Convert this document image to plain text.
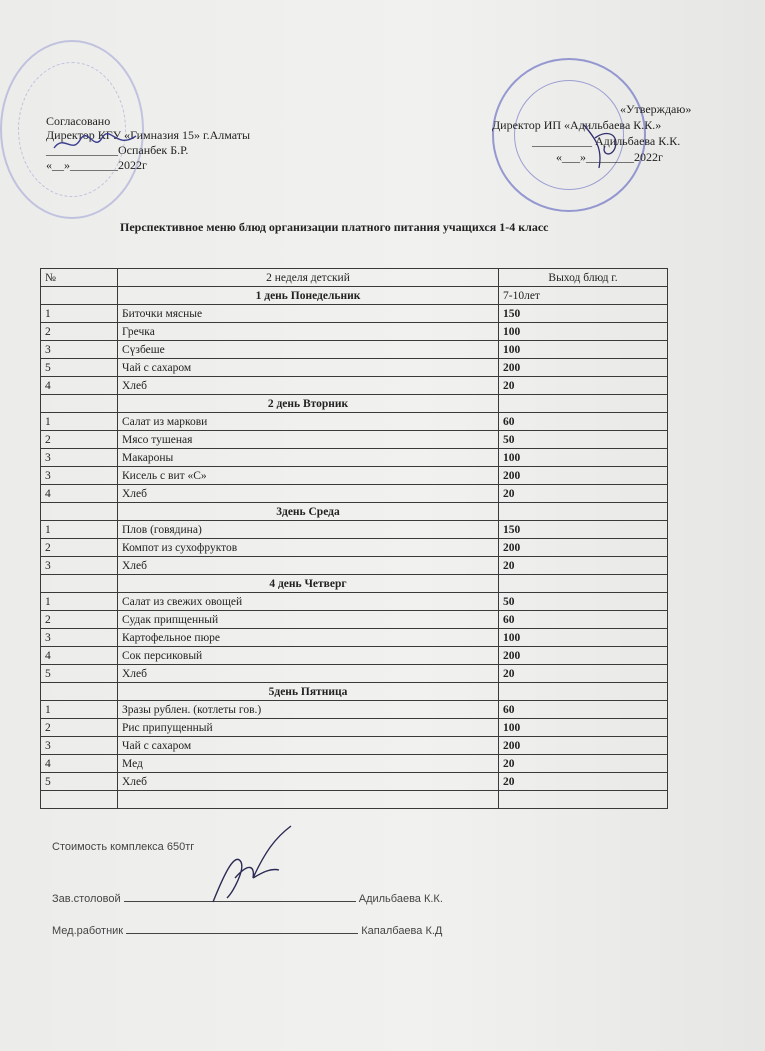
Согласовано
Директор КГУ «Гимназия 15» г.Алматы
____________Оспанбек Б.Р.
«__»________2022г
«Утверждаю»
Директор ИП «Адильбаева К.К.»
__________ Адильбаева К.К.
«___»________2022г
Перспективное меню блюд организации платного питания учащихся 1-4 класс
№	2 неделя детский	Выход блюд г.
	1 день Понедельник	7-10лет
1	Биточки мясные	150
2	Гречка	100
3	Сүзбеше	100
5	Чай с сахаром	200
4	Хлеб	20
	2 день Вторник	
1	Салат из маркови	60
2	Мясо тушеная	50
3	Макароны	100
3	Кисель с вит «С»	200
4	Хлеб	20
	3день Среда	
1	Плов (говядина)	150
2	Компот из сухофруктов	200
3	Хлеб	20
	4 день Четверг	
1	Салат из свежих овощей	50
2	Судак припщенный	60
3	Картофельное пюре	100
4	Сок персиковый	200
5	Хлеб	20
	5день Пятница	
1	Зразы рублен. (котлеты гов.)	60
2	Рис припущенный	100
3	Чай с сахаром	200
4	Мед	20
5	Хлеб	20

Стоимость комплекса 650тг
Зав.столовой	Адильбаева К.К.
Мед.работник	Капалбаева К.Д
